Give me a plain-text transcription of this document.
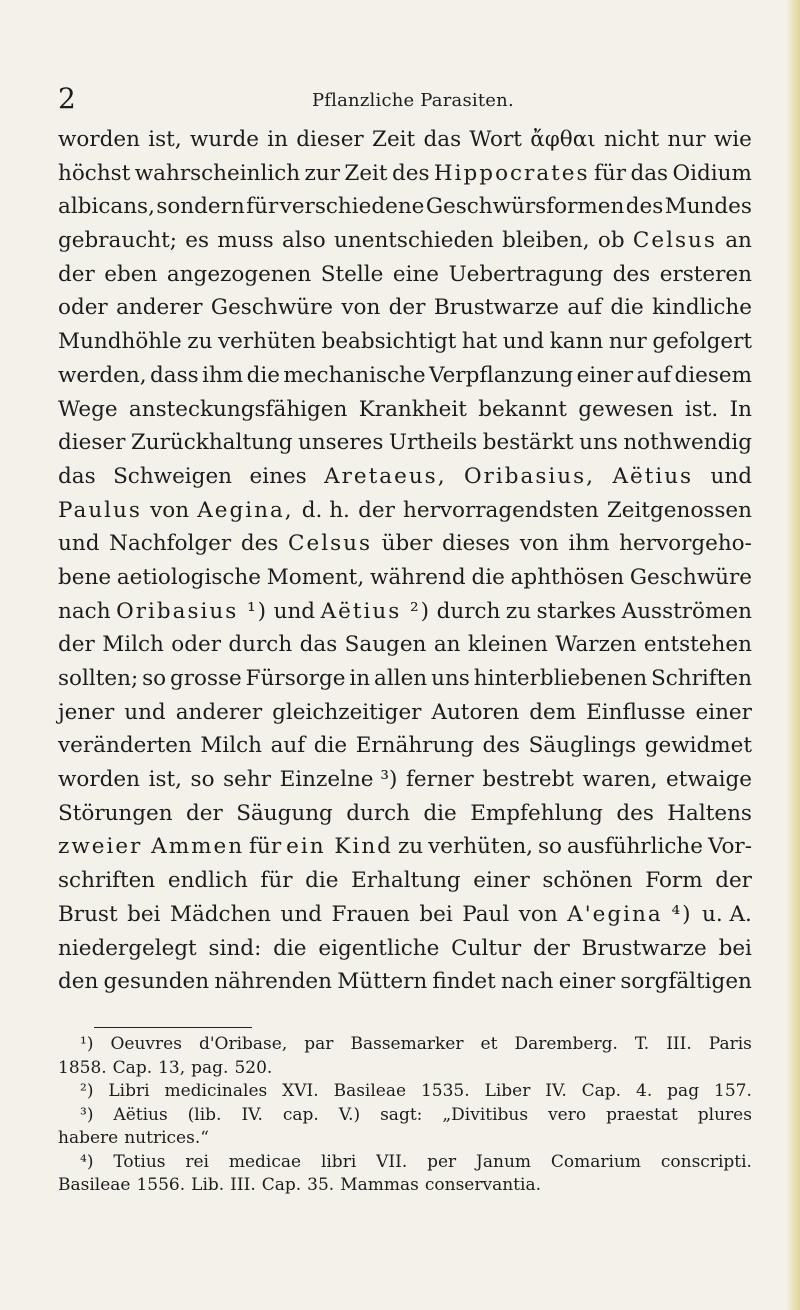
2	Pflanzliche Parasiten.
worden ist, wurde in dieser Zeit das Wort ἄφθαι nicht nur wie
höchst wahrscheinlich zur Zeit des Hippocrates für das Oidium
albicans, sondern für verschiedene Geschwürsformen des Mundes
gebraucht; es muss also unentschieden bleiben, ob Celsus an
der eben angezogenen Stelle eine Uebertragung des ersteren
oder anderer Geschwüre von der Brustwarze auf die kindliche
Mundhöhle zu verhüten beabsichtigt hat und kann nur gefolgert
werden, dass ihm die mechanische Verpflanzung einer auf diesem
Wege ansteckungsfähigen Krankheit bekannt gewesen ist. In
dieser Zurückhaltung unseres Urtheils bestärkt uns nothwendig
das Schweigen eines Aretaeus, Oribasius, Aëtius und
Paulus von Aegina, d. h. der hervorragendsten Zeitgenossen
und Nachfolger des Celsus über dieses von ihm hervorgeho-
bene aetiologische Moment, während die aphthösen Geschwüre
nach Oribasius ¹) und Aëtius ²) durch zu starkes Ausströmen
der Milch oder durch das Saugen an kleinen Warzen entstehen
sollten; so grosse Fürsorge in allen uns hinterbliebenen Schriften
jener und anderer gleichzeitiger Autoren dem Einflusse einer
veränderten Milch auf die Ernährung des Säuglings gewidmet
worden ist, so sehr Einzelne ³) ferner bestrebt waren, etwaige
Störungen der Säugung durch die Empfehlung des Haltens
zweier Ammen für ein Kind zu verhüten, so ausführliche Vor-
schriften endlich für die Erhaltung einer schönen Form der
Brust bei Mädchen und Frauen bei Paul von A'egina ⁴) u. A.
niedergelegt sind: die eigentliche Cultur der Brustwarze bei
den gesunden nährenden Müttern findet nach einer sorgfältigen
¹) Oeuvres d'Oribase, par Bassemarker et Daremberg. T. III. Paris
1858. Cap. 13, pag. 520.
²) Libri medicinales XVI. Basileae 1535. Liber IV. Cap. 4. pag 157.
³) Aëtius (lib. IV. cap. V.) sagt: „Divitibus vero praestat plures
habere nutrices.“
⁴) Totius rei medicae libri VII. per Janum Comarium conscripti.
Basileae 1556. Lib. III. Cap. 35. Mammas conservantia.
